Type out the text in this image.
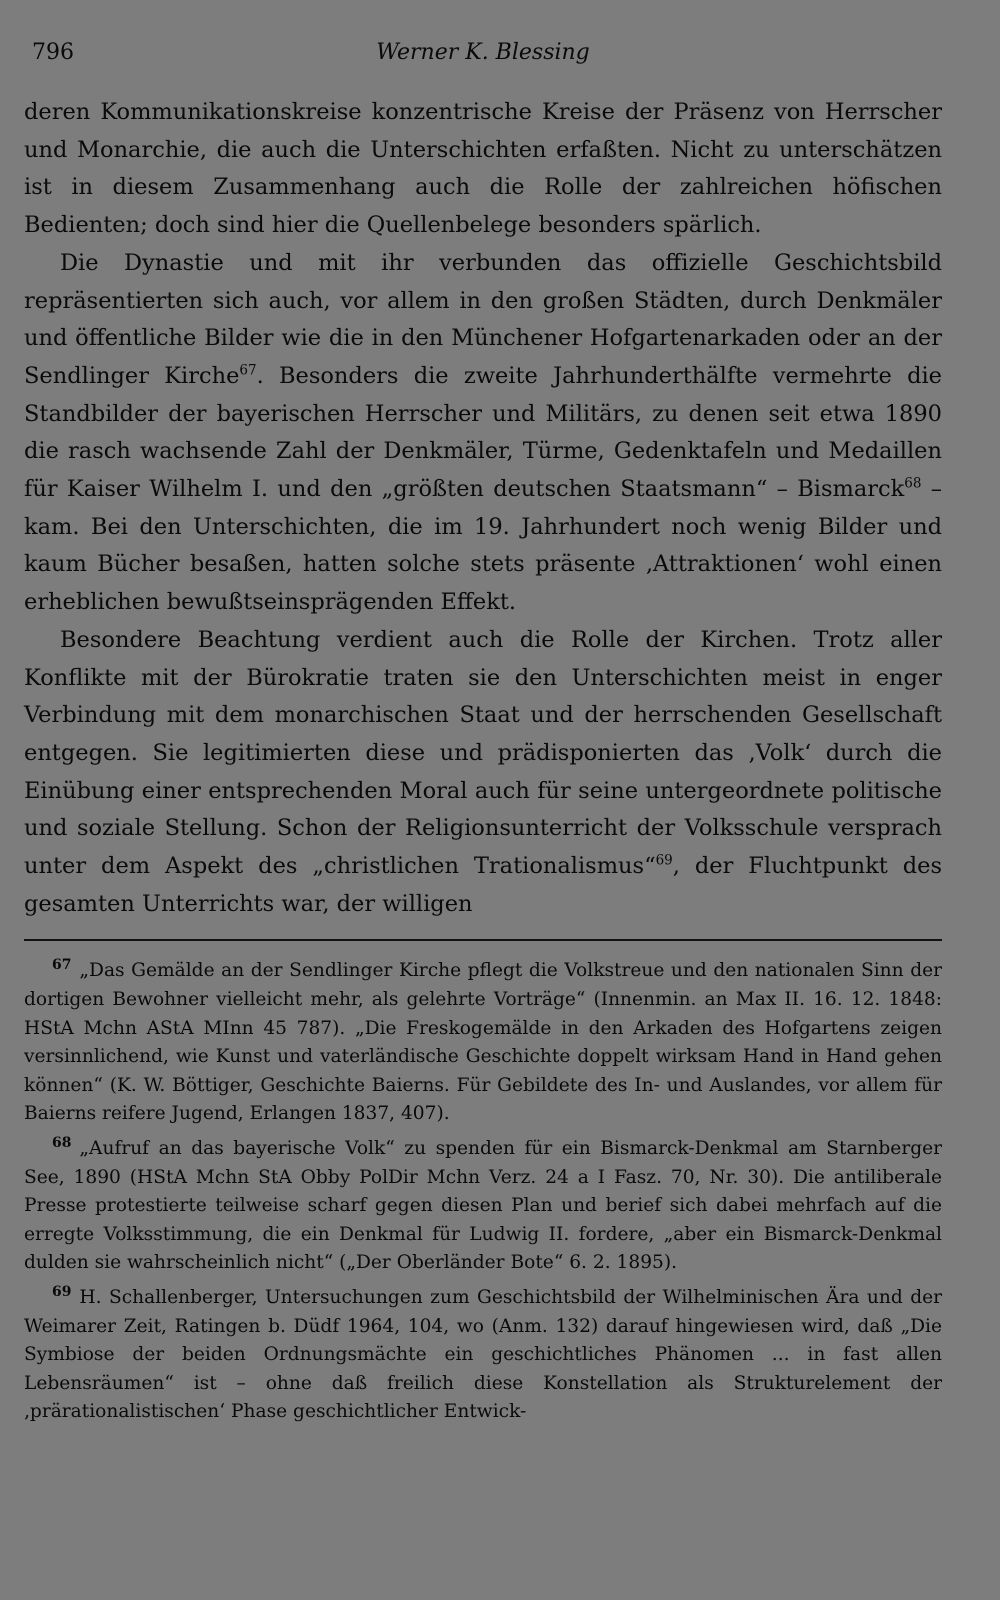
796	Werner K. Blessing

deren Kommunikationskreise konzentrische Kreise der Präsenz von Herrscher und Monarchie, die auch die Unterschichten erfaßten. Nicht zu unterschätzen ist in diesem Zusammenhang auch die Rolle der zahlreichen höfischen Bedienten; doch sind hier die Quellenbelege besonders spärlich.

Die Dynastie und mit ihr verbunden das offizielle Geschichtsbild repräsentierten sich auch, vor allem in den großen Städten, durch Denkmäler und öffentliche Bilder wie die in den Münchener Hofgartenarkaden oder an der Sendlinger Kirche$^{67}$. Besonders die zweite Jahrhunderthälfte vermehrte die Standbilder der bayerischen Herrscher und Militärs, zu denen seit etwa 1890 die rasch wachsende Zahl der Denkmäler, Türme, Gedenktafeln und Medaillen für Kaiser Wilhelm I. und den „größten deutschen Staatsmann“ – Bismarck$^{68}$ – kam. Bei den Unterschichten, die im 19. Jahrhundert noch wenig Bilder und kaum Bücher besaßen, hatten solche stets präsente ‚Attraktionen‘ wohl einen erheblichen bewußtseinsprägenden Effekt.

Besondere Beachtung verdient auch die Rolle der Kirchen. Trotz aller Konflikte mit der Bürokratie traten sie den Unterschichten meist in enger Verbindung mit dem monarchischen Staat und der herrschenden Gesellschaft entgegen. Sie legitimierten diese und prädisponierten das ‚Volk‘ durch die Einübung einer entsprechenden Moral auch für seine untergeordnete politische und soziale Stellung. Schon der Religionsunterricht der Volksschule versprach unter dem Aspekt des „christlichen Trationalismus“$^{69}$, der Fluchtpunkt des gesamten Unterrichts war, der willigen

$^{67}$ „Das Gemälde an der Sendlinger Kirche pflegt die Volkstreue und den nationalen Sinn der dortigen Bewohner vielleicht mehr, als gelehrte Vorträge“ (Innenmin. an Max II. 16. 12. 1848: HStA Mchn AStA MInn 45 787). „Die Freskogemälde in den Arkaden des Hofgartens zeigen versinnlichend, wie Kunst und vaterländische Geschichte doppelt wirksam Hand in Hand gehen können“ (K. W. Böttiger, Geschichte Baierns. Für Gebildete des In- und Auslandes, vor allem für Baierns reifere Jugend, Erlangen 1837, 407).

$^{68}$ „Aufruf an das bayerische Volk“ zu spenden für ein Bismarck-Denkmal am Starnberger See, 1890 (HStA Mchn StA Obby PolDir Mchn Verz. 24 a I Fasz. 70, Nr. 30). Die antiliberale Presse protestierte teilweise scharf gegen diesen Plan und berief sich dabei mehrfach auf die erregte Volksstimmung, die ein Denkmal für Ludwig II. fordere, „aber ein Bismarck-Denkmal dulden sie wahrscheinlich nicht“ („Der Oberländer Bote“ 6. 2. 1895).

$^{69}$ H. Schallenberger, Untersuchungen zum Geschichtsbild der Wilhelminischen Ära und der Weimarer Zeit, Ratingen b. Düdf 1964, 104, wo (Anm. 132) darauf hingewiesen wird, daß „Die Symbiose der beiden Ordnungsmächte ein geschichtliches Phänomen ... in fast allen Lebensräumen“ ist – ohne daß freilich diese Konstellation als Strukturelement der ‚prärationalistischen‘ Phase geschichtlicher Entwick-
